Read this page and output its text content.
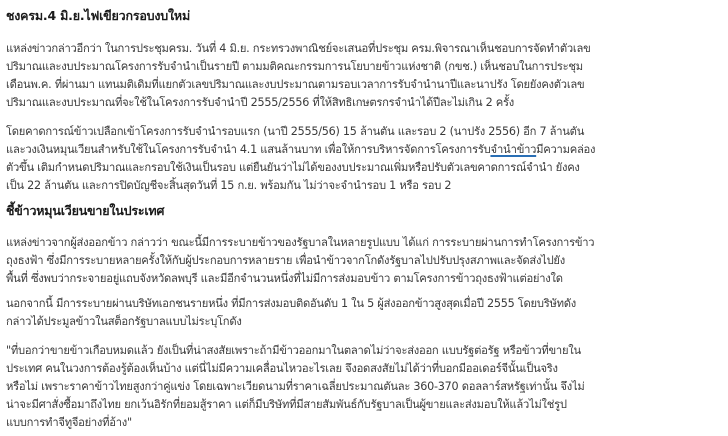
ชงครม.4 มิ.ย.ไฟเขียวกรอบงบใหม่
แหล่งข่าวกล่าวอีกว่า ในการประชุมครม. วันที่ 4 มิ.ย. กระทรวงพาณิชย์จะเสนอที่ประชุม ครม.พิจารณาเห็นชอบการจัดทำตัวเลข
ปริมาณและงบประมาณโครงการรับจำนำเป็นรายปี ตามมติคณะกรรมการนโยบายข้าวแห่งชาติ (กขช.) เห็นชอบในการประชุม
เดือนพ.ค. ที่ผ่านมา แทนมติเดิมที่แยกตัวเลขปริมาณและงบประมาณตามรอบเวลาการรับจำนำนาปีและนาปรัง โดยยังคงตัวเลข
ปริมาณและงบประมาณที่จะใช้ในโครงการรับจำนำปี 2555/2556 ที่ให้สิทธิเกษตรกรจำนำได้ปีละไม่เกิน 2 ครั้ง
โดยคาดการณ์ข้าวเปลือกเข้าโครงการรับจำนำรอบแรก (นาปี 2555/56) 15 ล้านตัน และรอบ 2 (นาปรัง 2556) อีก 7 ล้านตัน
และวงเงินหมุนเวียนสำหรับใช้ในโครงการรับจำนำ 4.1 แสนล้านบาท เพื่อให้การบริหารจัดการโครงการรับจำนำข้าวมีความคล่อง
ตัวขึ้น เติมกำหนดปริมาณและกรอบใช้เงินเป็นรอบ แต่ยืนยันว่าไม่ได้ของงบประมาณเพิ่มหรือปรับตัวเลขคาดการณ์จำนำ ยังคง
เป็น 22 ล้านตัน และการปิดบัญชีจะสิ้นสุดวันที่ 15 ก.ย. พร้อมกัน ไม่ว่าจะจำนำรอบ 1 หรือ รอบ 2
ชี้ข้าวหมุนเวียนขายในประเทศ
แหล่งข่าวจากผู้ส่งออกข้าว กล่าวว่า ขณะนี้มีการระบายข้าวของรัฐบาลในหลายรูปแบบ ได้แก่ การระบายผ่านการทำโครงการข้าว
ถุงธงฟ้า ซึ่งมีการระบายหลายครั้งให้กับผู้ประกอบการหลายราย เพื่อนำข้าวจากโกดังรัฐบาลไปปรับปรุงสภาพและจัดส่งไปยัง
พื้นที่ ซึ่งพบว่ากระจายอยู่แถบจังหวัดลพบุรี และมีอีกจำนวนหนึ่งที่ไม่มีการส่งมอบข้าว ตามโครงการข้าวถุงธงฟ้าแต่อย่างใด
นอกจากนี้ มีการระบายผ่านบริษัทเอกชนรายหนึ่ง ที่มีการส่งมอบติดอันดับ 1 ใน 5 ผู้ส่งออกข้าวสูงสุดเมื่อปี 2555 โดยบริษัทดัง
กล่าวได้ประมูลข้าวในสต็อกรัฐบาลแบบไม่ระบุโกดัง
"ที่บอกว่าขายข้าวเกือบหมดแล้ว ยังเป็นที่น่าสงสัยเพราะถ้ามีข้าวออกมาในตลาดไม่ว่าจะส่งออก แบบรัฐต่อรัฐ หรือข้าวที่ขายใน
ประเทศ คนในวงการต้องรู้ต้องเห็นบ้าง แต่นี่ไม่มีความเคลื่อนไหวอะไรเลย จึงอดสงสัยไม่ได้ว่าที่บอกมีออเดอร์จีนั้นเป็นจริง
หรือไม่ เพราะราคาข้าวไทยสูงกว่าคู่แข่ง โดยเฉพาะเวียดนามที่ราคาเฉลี่ยประมาณตันละ 360-370 ดอลลาร์สหรัฐเท่านั้น จึงไม่
น่าจะมีศาสั่งซื้อมาถึงไทย ยกเว้นอิรักที่ยอมสู้ราคา แต่ก็มีบริษัทที่มีสายสัมพันธ์กับรัฐบาลเป็นผู้ขายและส่งมอบให้แล้วไม่ใช่รูป
แบบการทำจีทูจีอย่างที่อ้าง"
